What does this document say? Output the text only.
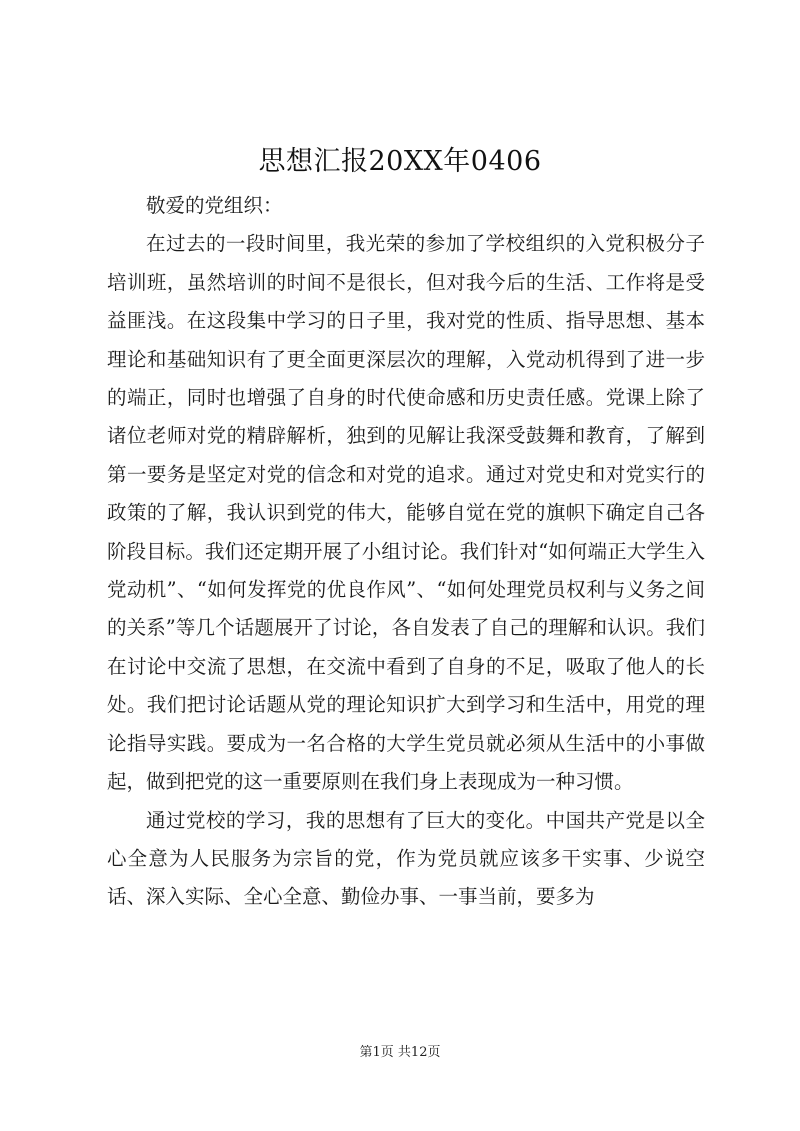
思想汇报20XX年0406

敬爱的党组织：

在过去的一段时间里，我光荣的参加了学校组织的入党积极分子培训班，虽然培训的时间不是很长，但对我今后的生活、工作将是受益匪浅。在这段集中学习的日子里，我对党的性质、指导思想、基本理论和基础知识有了更全面更深层次的理解，入党动机得到了进一步的端正，同时也增强了自身的时代使命感和历史责任感。党课上除了诸位老师对党的精辟解析，独到的见解让我深受鼓舞和教育，了解到第一要务是坚定对党的信念和对党的追求。通过对党史和对党实行的政策的了解，我认识到党的伟大，能够自觉在党的旗帜下确定自己各阶段目标。我们还定期开展了小组讨论。我们针对“如何端正大学生入党动机”、“如何发挥党的优良作风”、“如何处理党员权利与义务之间的关系”等几个话题展开了讨论，各自发表了自己的理解和认识。我们在讨论中交流了思想，在交流中看到了自身的不足，吸取了他人的长处。我们把讨论话题从党的理论知识扩大到学习和生活中，用党的理论指导实践。要成为一名合格的大学生党员就必须从生活中的小事做起，做到把党的这一重要原则在我们身上表现成为一种习惯。

通过党校的学习，我的思想有了巨大的变化。中国共产党是以全心全意为人民服务为宗旨的党，作为党员就应该多干实事、少说空话、深入实际、全心全意、勤俭办事、一事当前，要多为

第1页 共12页
